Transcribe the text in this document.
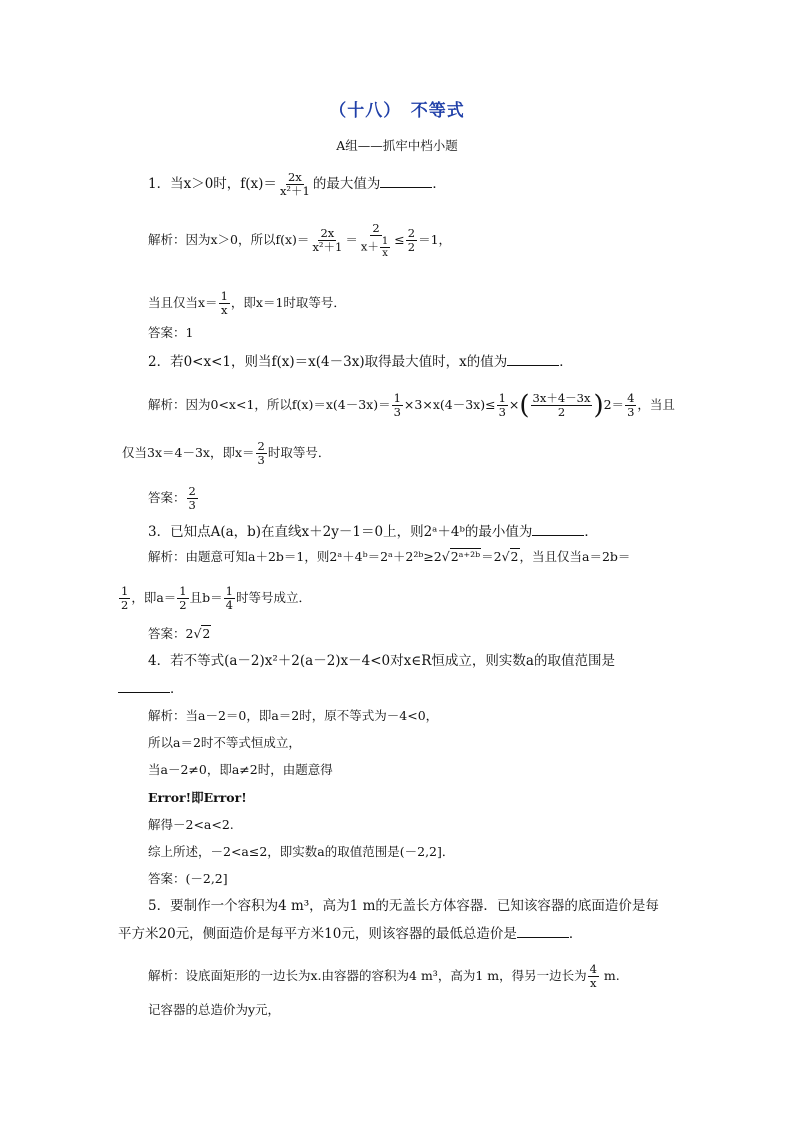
（十八）　不等式
A组——抓牢中档小题
1．当x＞0时，$f(x)= \frac{2x}{\text{x²＋1}}$ 的最大值为	．
解析：因为x＞0，所以$f(x)= \frac{2x}{\text{x²＋1}} = \frac{2}{x+ \frac{1}{x}} \le \frac{2}{2} =1$，
当且仅当$x= \frac{1}{x}$ ，即x＝1时取等号．
答案：1
2．若0<x<1，则当f(x)＝x(4－3x)取得最大值时，x的值为	．
解析：因为0<x<1，所以$f(x)=x(4-3x)= \frac{1}{3} \times 3\times x(4-3x)\le \frac{1}{3}$ ×( $\frac{3x+4-3x}{2} )2= \frac{4}{3}$ ，当且
仅当3x＝4－3x，即$x= \frac{2}{3}$ 时取等号．
答案： $\frac{2}{3}$
3．已知点A(a，b)在直线x＋2y－1＝0上，则2ᵃ＋4ᵇ的最小值为	．
解析：由题意可知a＋2b＝1，则2ᵃ＋4ᵇ＝2ᵃ＋2²ᵇ≥2√2ᵃ⁺²ᵇ＝2√2，当且仅当a＝2b＝
$\frac{1}{2}$ ，即$a= \frac{1}{2}$ 且$b= \frac{1}{4}$ 时等号成立．
答案：2√2
4．若不等式(a－2)x²＋2(a－2)x－4<0对x∈R恒成立，则实数a的取值范围是
．
解析：当a－2＝0，即a＝2时，原不等式为－4<0，
所以a＝2时不等式恒成立，
当a－2≠0，即a≠2时，由题意得
Error!即Error!
解得－2<a<2.
综上所述，－2<a≤2，即实数a的取值范围是(－2,2]．
答案：(－2,2]
5．要制作一个容积为4 m³，高为1 m的无盖长方体容器．已知该容器的底面造价是每
平方米20元，侧面造价是每平方米10元，则该容器的最低总造价是	．
解析：设底面矩形的一边长为x.由容器的容积为4 m³，高为1 m，得另一边长为 $\frac{4}{x} m$.
记容器的总造价为y元，
